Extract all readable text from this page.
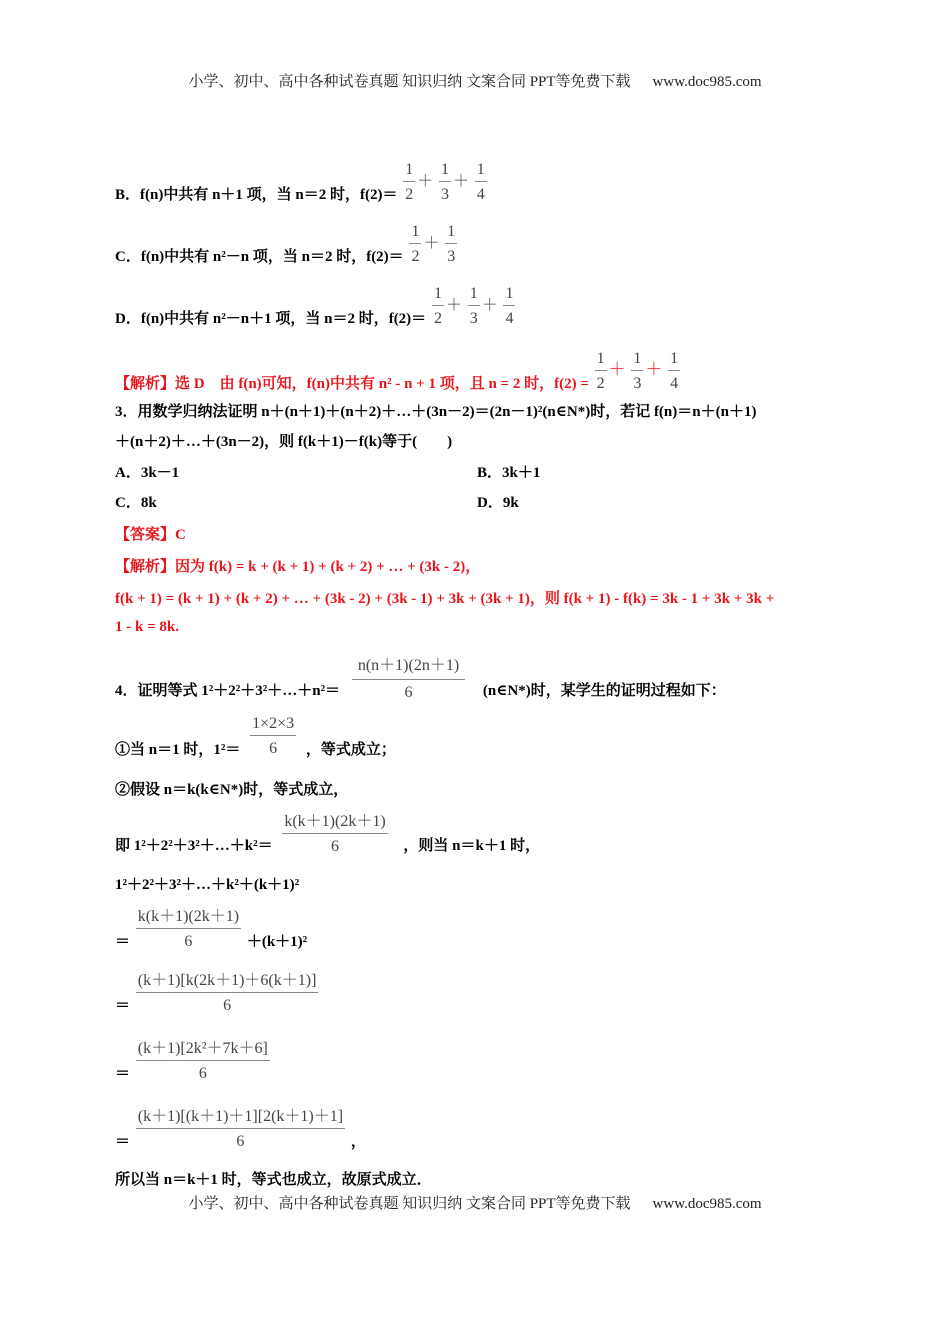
小学、初中、高中各种试卷真题 知识归纳 文案合同 PPT等免费下载 www.doc985.com
B．f(n)中共有 n＋1 项，当 n＝2 时，$f(2)= \frac{1}{2} + \frac{1}{3} + \frac{1}{4}$
C．f(n)中共有 n²－n 项，当 n＝2 时，$f(2)= \frac{1}{2} + \frac{1}{3}$
D．f(n)中共有 n²－n＋1 项，当 n＝2 时，$f(2)= \frac{1}{2} + \frac{1}{3} + \frac{1}{4}$
【解析】选 D　由 f(n)可知，f(n)中共有 n² - n + 1 项，且 n = 2 时，$f(2) = \frac{1}{2} + \frac{1}{3} + \frac{1}{4}$
3．用数学归纳法证明 n＋(n＋1)＋(n＋2)＋…＋(3n－2)＝(2n－1)²(n∈N*)时，若记 f(n)＝n＋(n＋1)
＋(n＋2)＋…＋(3n－2)，则 f(k＋1)－f(k)等于(　　)
A．3k－1	B．3k＋1
C．8k	D．9k
【答案】C
【解析】因为 f(k) = k + (k + 1) + (k + 2) + … + (3k - 2)，
f(k + 1) = (k + 1) + (k + 2) + … + (3k - 2) + (3k - 1) + 3k + (3k + 1)，则 f(k + 1) - f(k) = 3k - 1 + 3k + 3k +
1 - k = 8k.
4．证明等式 1²＋2²＋3²＋…＋n²＝ $\frac{n(n+1)(2n+1)}{6}$ (n∈N*)时，某学生的证明过程如下：
①当 n＝1 时，$1^2= \frac{1\times 2\times 3}{6}$ ，等式成立；
②假设 n＝k(k∈N*)时，等式成立，
即 1²＋2²＋3²＋…＋k²＝ $\frac{k(k+1)(2k+1)}{6}$ ，则当 n＝k＋1 时，
1²＋2²＋3²＋…＋k²＋(k＋1)²
＝ $\frac{k(k+1)(2k+1)}{6} +(k+1)^2$
＝ $\frac{(k+1)[k(2k+1)+6(k+1)]}{6}$
＝ $\frac{\text{(k＋1)[2k²＋7k＋6]}}{6}$
＝ $\frac{(k+1)[(k+1)+1][2(k+1)+1]}{6}$ ，
所以当 n＝k＋1 时，等式也成立，故原式成立．
小学、初中、高中各种试卷真题 知识归纳 文案合同 PPT等免费下载 www.doc985.com
